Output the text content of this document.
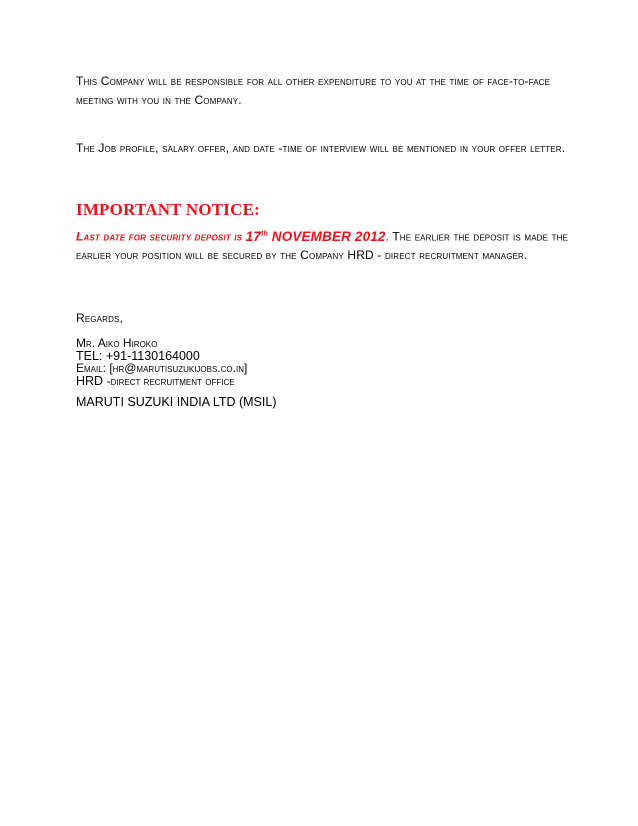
This Company will be responsible for all other expenditure to you at the time of face-to-face meeting with you in the Company.

The Job profile, salary offer, and date -time of interview will be mentioned in your offer letter.

IMPORTANT NOTICE:

Last date for security deposit is 17th NOVEMBER 2012. The earlier the deposit is made the earlier your position will be secured by the Company HRD - direct recruitment manager.

Regards,

Mr. Aiko Hiroko

TEL: +91-1130164000

Email: [hr@marutisuzukijobs.co.in]

HRD -direct recruitment office

MARUTI SUZUKI INDIA LTD (MSIL)
